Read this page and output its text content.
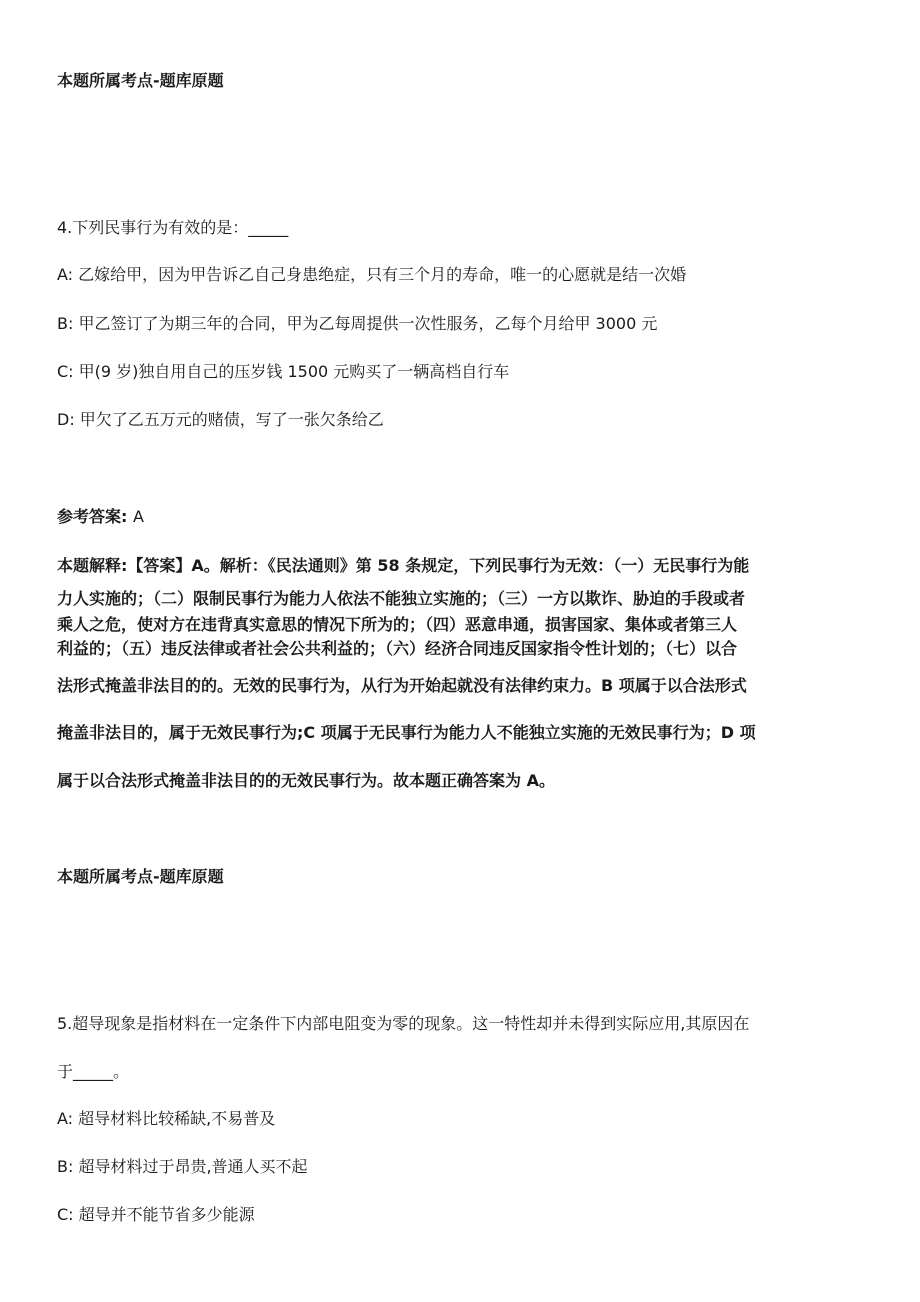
本题所属考点-题库原题
4.下列民事行为有效的是：_____
A: 乙嫁给甲，因为甲告诉乙自己身患绝症，只有三个月的寿命，唯一的心愿就是结一次婚
B: 甲乙签订了为期三年的合同，甲为乙每周提供一次性服务，乙每个月给甲 3000 元
C: 甲(9 岁)独自用自己的压岁钱 1500 元购买了一辆高档自行车
D: 甲欠了乙五万元的赌债，写了一张欠条给乙
参考答案: A
本题解释:【答案】A。解析：《民法通则》第 58 条规定，下列民事行为无效：（一）无民事行为能
力人实施的；（二）限制民事行为能力人依法不能独立实施的；（三）一方以欺诈、胁迫的手段或者
乘人之危，使对方在违背真实意思的情况下所为的；（四）恶意串通，损害国家、集体或者第三人
利益的；（五）违反法律或者社会公共利益的；（六）经济合同违反国家指令性计划的；（七）以合
法形式掩盖非法目的的。无效的民事行为，从行为开始起就没有法律约束力。B 项属于以合法形式
掩盖非法目的，属于无效民事行为;C 项属于无民事行为能力人不能独立实施的无效民事行为；D 项
属于以合法形式掩盖非法目的的无效民事行为。故本题正确答案为 A。
本题所属考点-题库原题
5.超导现象是指材料在一定条件下内部电阻变为零的现象。这一特性却并未得到实际应用,其原因在
于_____。
A: 超导材料比较稀缺,不易普及
B: 超导材料过于昂贵,普通人买不起
C: 超导并不能节省多少能源
